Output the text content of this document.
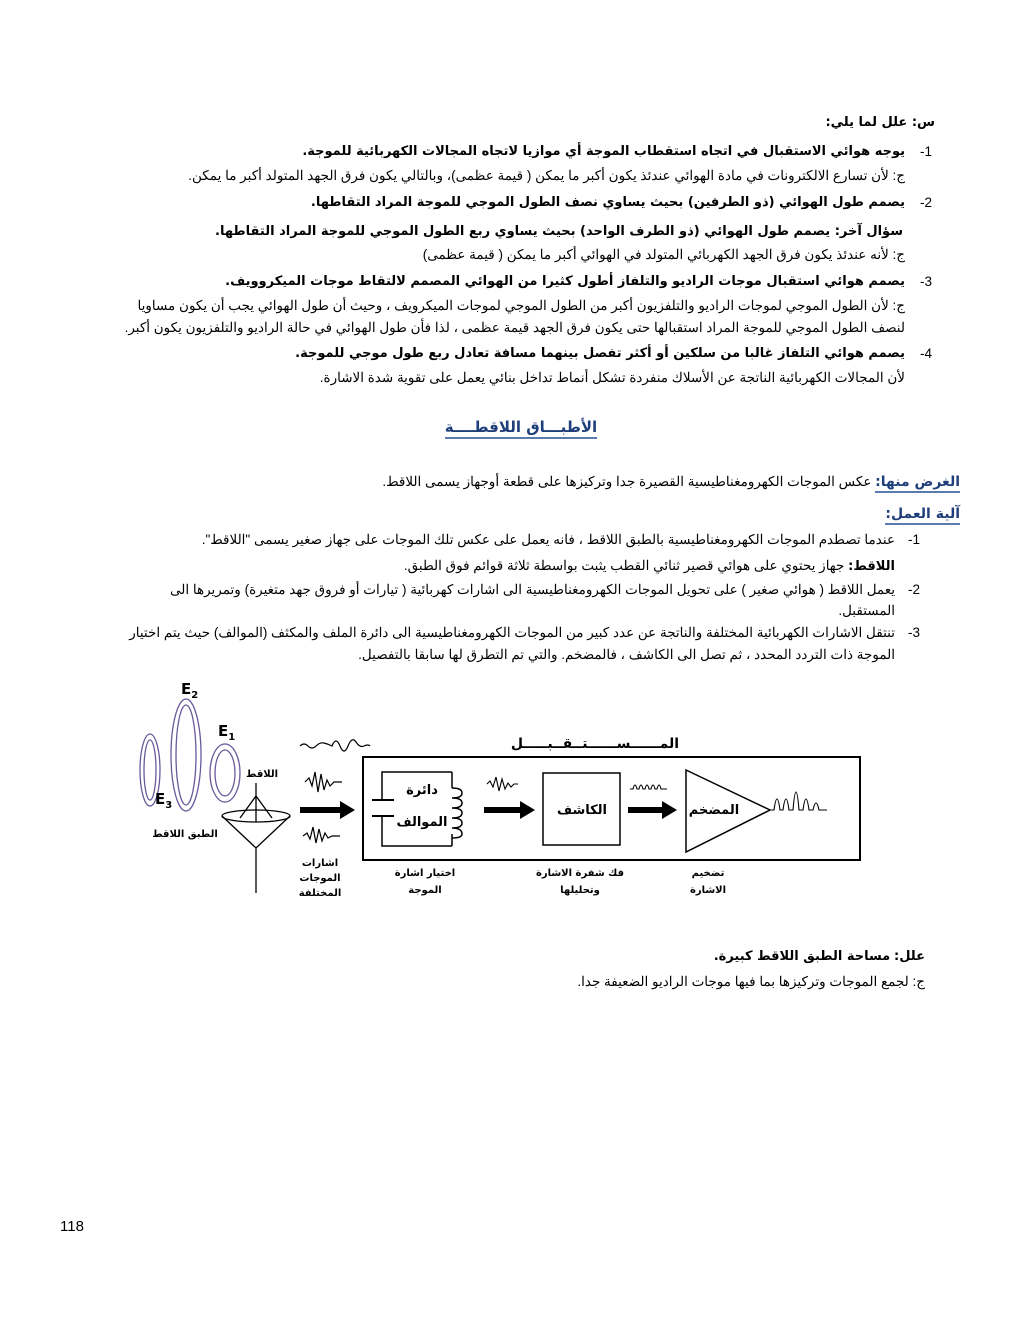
س: علل لما يلي:
-1
يوجه هوائي الاستقبال في اتجاه استقطاب الموجة أي موازيا لاتجاه المجالات الكهربائية للموجة.
ج: لأن تسارع الالكترونات في مادة الهوائي عندئذ يكون أكبر ما يمكن ( قيمة عظمى)، وبالتالي يكون فرق الجهد المتولد أكبر ما يمكن.
-2
يصمم طول الهوائي (ذو الطرفين) بحيث يساوي نصف الطول الموجي للموجة المراد التقاطها.
سؤال آخر: يصمم طول الهوائي (ذو الطرف الواحد) بحيث يساوي ربع الطول الموجي للموجة المراد التقاطها.
ج: لأنه عندئذ يكون فرق الجهد الكهربائي المتولد في الهوائي أكبر ما يمكن ( قيمة عظمى)
-3
يصمم هوائي استقبال موجات الراديو والتلفاز أطول كثيرا من الهوائي المصمم لالتقاط موجات الميكروويف.
ج: لأن الطول الموجي لموجات الراديو والتلفزيون أكبر من الطول الموجي لموجات الميكرويف ، وحيث أن طول الهوائي يجب أن يكون مساويا
لنصف الطول الموجي للموجة المراد استقبالها حتى يكون فرق الجهد قيمة عظمى ، لذا فأن طول الهوائي في حالة الراديو والتلفزيون يكون أكبر.
-4
يصمم هوائي التلفاز غالبا من سلكين أو أكثر تفصل بينهما مسافة تعادل ربع طول موجي للموجة.
لأن المجالات الكهربائية الناتجة عن الأسلاك منفردة تشكل أنماط تداخل بنائي يعمل على تقوية شدة الاشارة.
الأطبـــاق اللاقطــــة
الغرض منها: عكس الموجات الكهرومغناطيسية القصيرة جدا وتركيزها على قطعة أوجهاز يسمى اللاقط.
آلية العمل:
-1
عندما تصطدم الموجات الكهرومغناطيسية بالطبق اللاقط ، فانه يعمل على عكس تلك الموجات على جهاز صغير يسمى "اللاقط".
اللاقط: جهاز يحتوي على هوائي قصير ثنائي القطب يثبت بواسطة ثلاثة قوائم فوق الطبق.
-2
يعمل اللاقط ( هوائي صغير ) على تحويل الموجات الكهرومغناطيسية الى اشارات كهربائية ( تيارات أو فروق جهد متغيرة) وتمريرها الى
المستقبل.
-3
تنتقل الاشارات الكهربائية المختلفة والناتجة عن عدد كبير من الموجات الكهرومغناطيسية الى دائرة الملف والمكثف (الموالف) حيث يتم اختيار
الموجة ذات التردد المحدد ، ثم تصل الى الكاشف ، فالمضخم. والتي تم التطرق لها سابقا بالتفصيل.
$E_2$
$E_1$
$E_3$
اللاقط
الطبق اللاقط
المــــــســــــتــقــبـــــل
دائرة
الموالف
الكاشف	المضخم
اشارات
الموجات
المختلفة
اختيار اشارة
الموجة
فك شفرة الاشارة
وتحليلها
تضخيم
الاشارة
علل: مساحة الطبق اللاقط كبيرة.
ج: لجمع الموجات وتركيزها بما فيها موجات الراديو الضعيفة جدا.
118
